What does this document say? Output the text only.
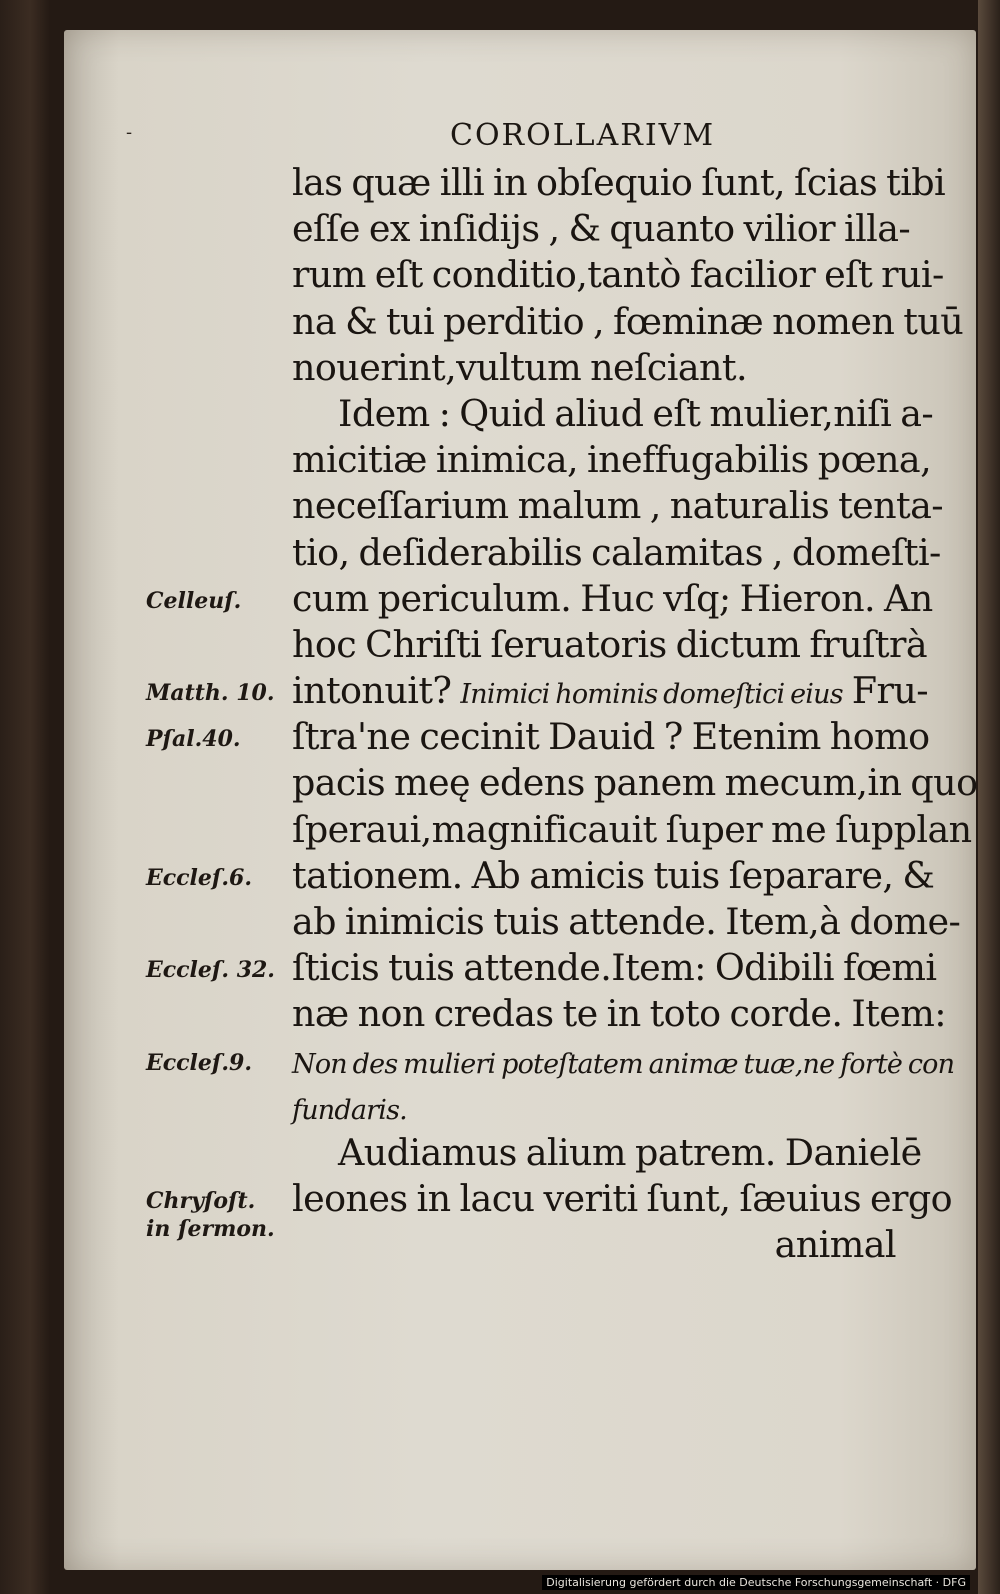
-	COROLLARIVM
las quæ illi in obſequio ſunt, ſcias tibi
eſſe ex inſidijs , & quanto vilior illa-
rum eſt conditio,tantò facilior eſt rui-
na & tui perditio , fœminæ nomen tuū
nouerint,vultum neſciant.
Idem : Quid aliud eſt mulier,niſi a-
micitiæ inimica, ineffugabilis pœna,
neceſſarium malum , naturalis tenta-
tio, deſiderabilis calamitas , domeſti-
cum periculum. Huc vſq; Hieron. An
hoc Chriſti ſeruatoris dictum fruſtrà
intonuit? Inimici hominis domeſtici eius Fru-
ſtra'ne cecinit Dauid ? Etenim homo
pacis meę edens panem mecum,in quo
ſperaui,magnificauit ſuper me ſupplan
tationem. Ab amicis tuis ſeparare, &
ab inimicis tuis attende. Item,à dome-
ſticis tuis attende.Item: Odibili fœmi
næ non credas te in toto corde. Item:
Non des mulieri poteſtatem animæ tuæ,ne fortè con
fundaris.
Audiamus alium patrem. Danielē
leones in lacu veriti ſunt, ſæuius ergo
animal
Celleuſ.
Matth. 10.
Pſal.40.
Eccleſ.6.
Eccleſ. 32.
Eccleſ.9.
Chryſoſt.
in ſermon.
Digitalisierung gefördert durch die Deutsche Forschungsgemeinschaft · DFG
